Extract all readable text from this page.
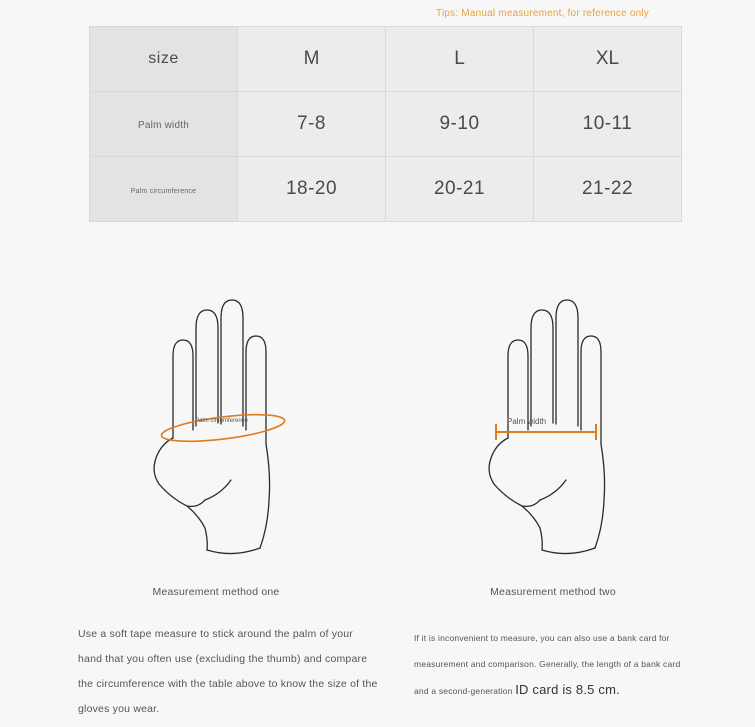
Tips: Manual measurement, for reference only
size	M	L	XL
Palm width	7-8	9-10	10-11
Palm circumference	18-20	20-21	21-22
Palm circumference	Palm width
Measurement method one	Measurement method two
Use a soft tape measure to stick around the palm of your hand that you often use (excluding the thumb) and compare the circumference with the table above to know the size of the gloves you wear.
If it is inconvenient to measure, you can also use a bank card for measurement and comparison. Generally, the length of a bank card and a second-generation ID card is 8.5 cm.
